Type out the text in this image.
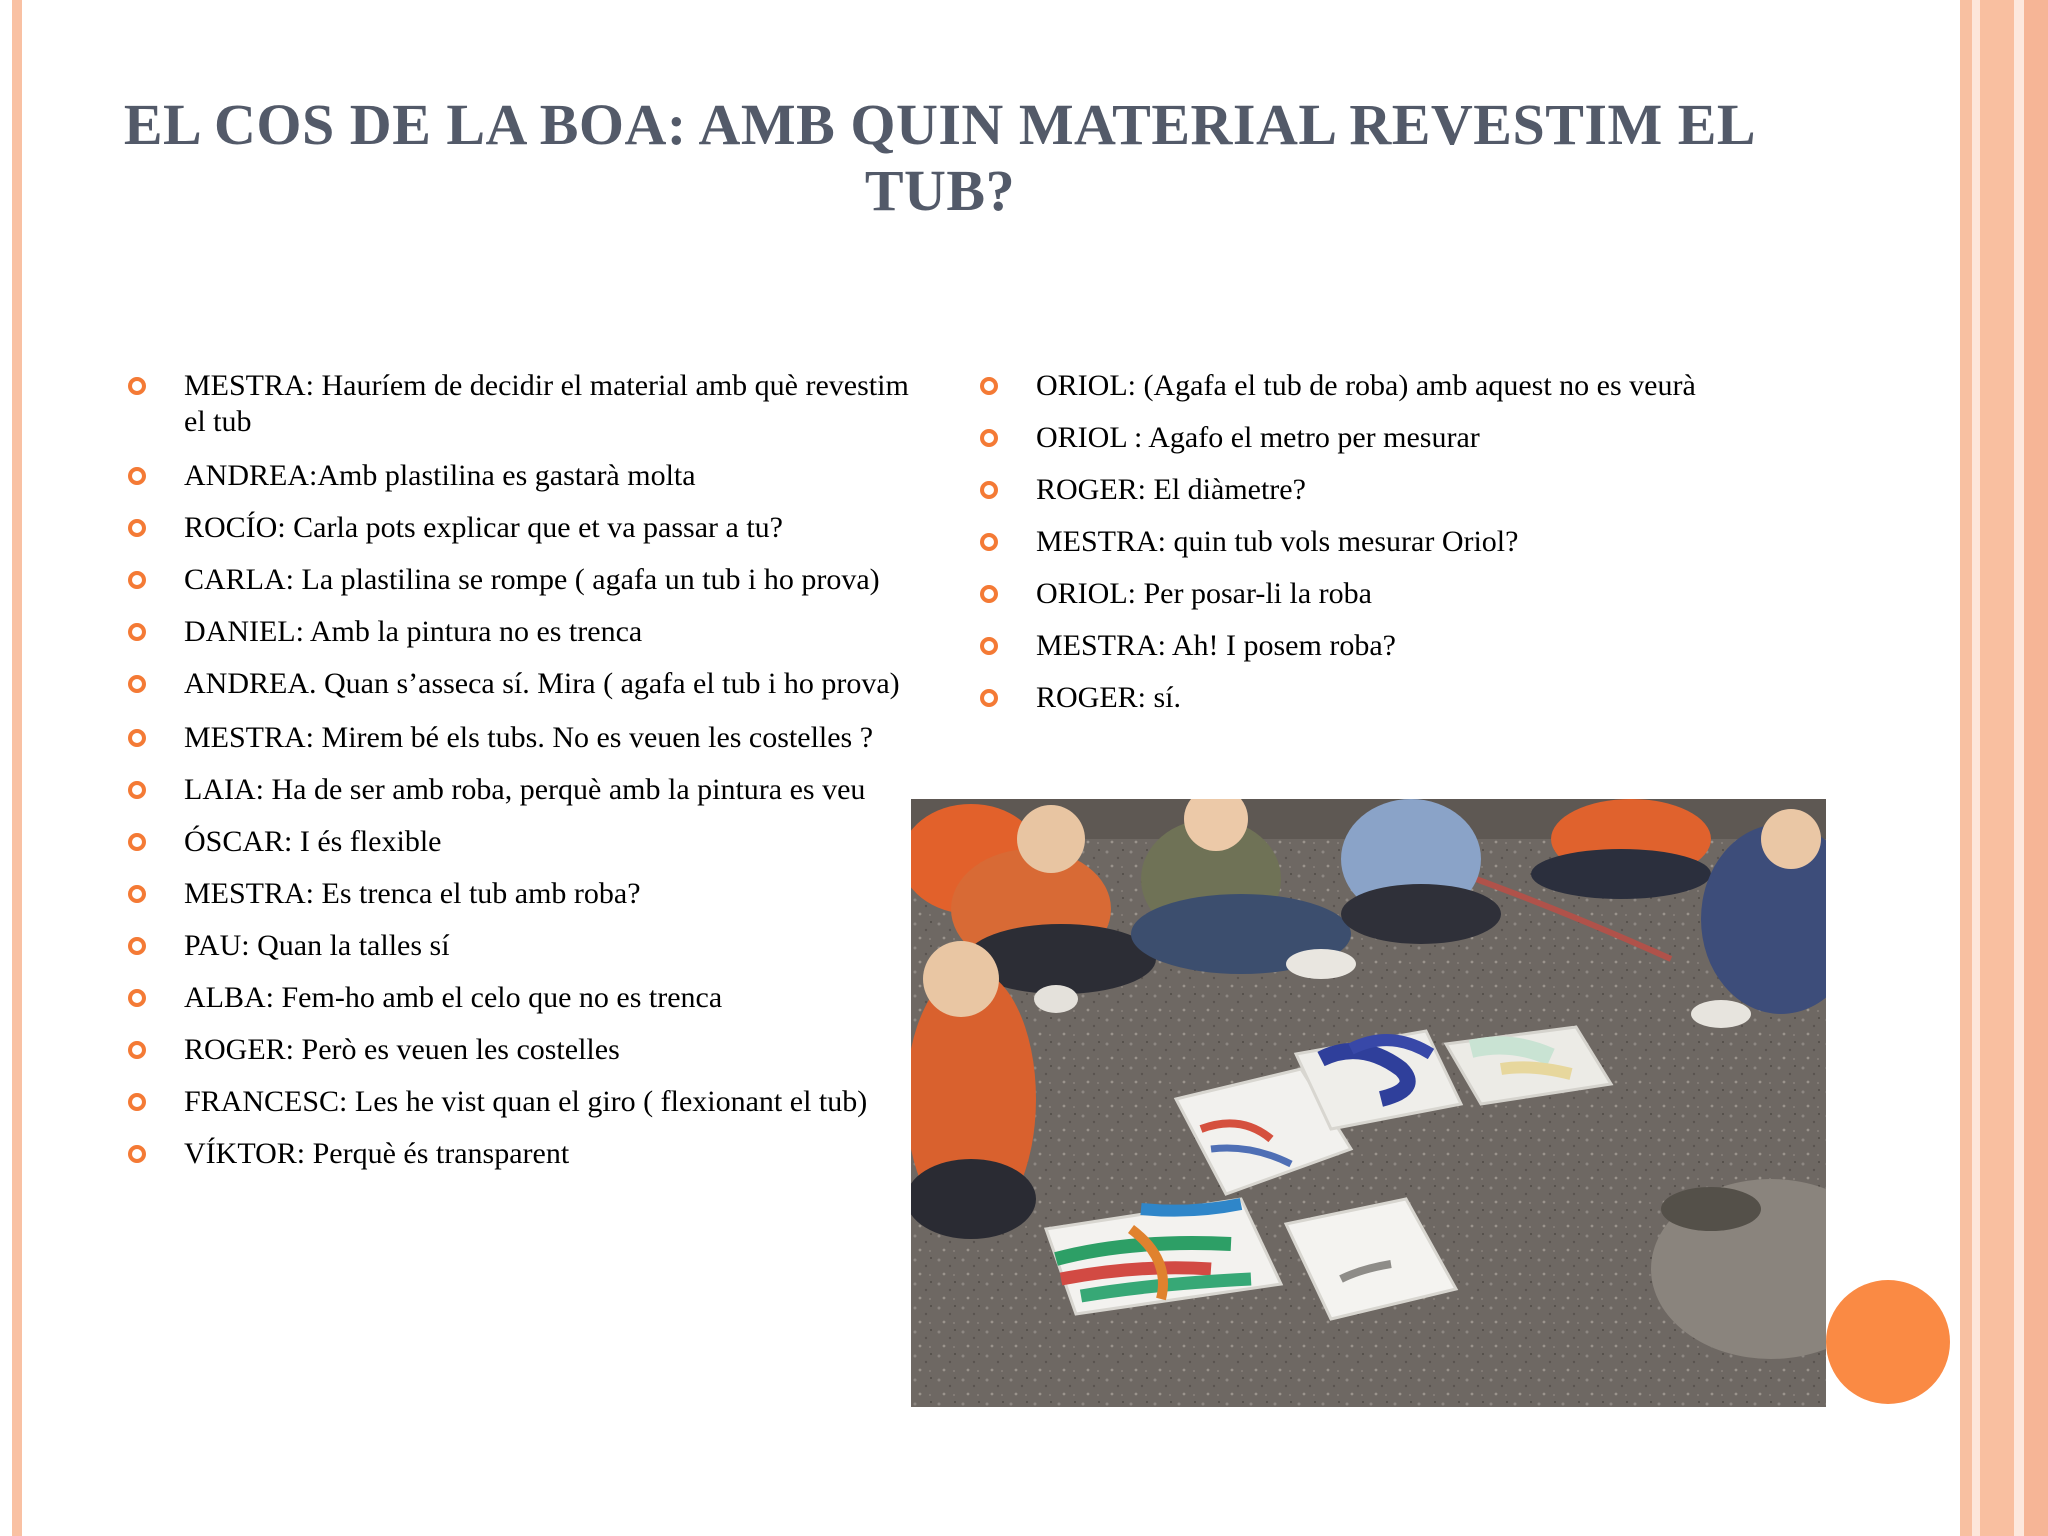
EL COS DE LA BOA: AMB QUIN MATERIAL REVESTIM EL TUB?
MESTRA: Hauríem de decidir el material amb què revestim el tub
ANDREA:Amb plastilina es gastarà molta
ROCÍO: Carla pots explicar que et va passar a tu?
CARLA: La plastilina se rompe ( agafa un tub i ho prova)
DANIEL: Amb la pintura no es trenca
ANDREA. Quan s’asseca sí. Mira ( agafa el tub i ho prova)
MESTRA: Mirem bé els tubs. No es veuen les costelles ?
LAIA: Ha de ser amb roba, perquè amb la pintura es veu
ÓSCAR: I és flexible
MESTRA: Es trenca el tub amb roba?
PAU: Quan la talles sí
ALBA: Fem-ho amb el celo que no es trenca
ROGER: Però es veuen les costelles
FRANCESC: Les he vist quan el giro ( flexionant el tub)
VÍKTOR: Perquè és transparent
ORIOL: (Agafa el tub de roba) amb aquest no es veurà
ORIOL : Agafo el metro per mesurar
ROGER: El diàmetre?
MESTRA: quin tub vols mesurar Oriol?
ORIOL: Per posar-li la roba
MESTRA: Ah! I posem roba?
ROGER: sí.
